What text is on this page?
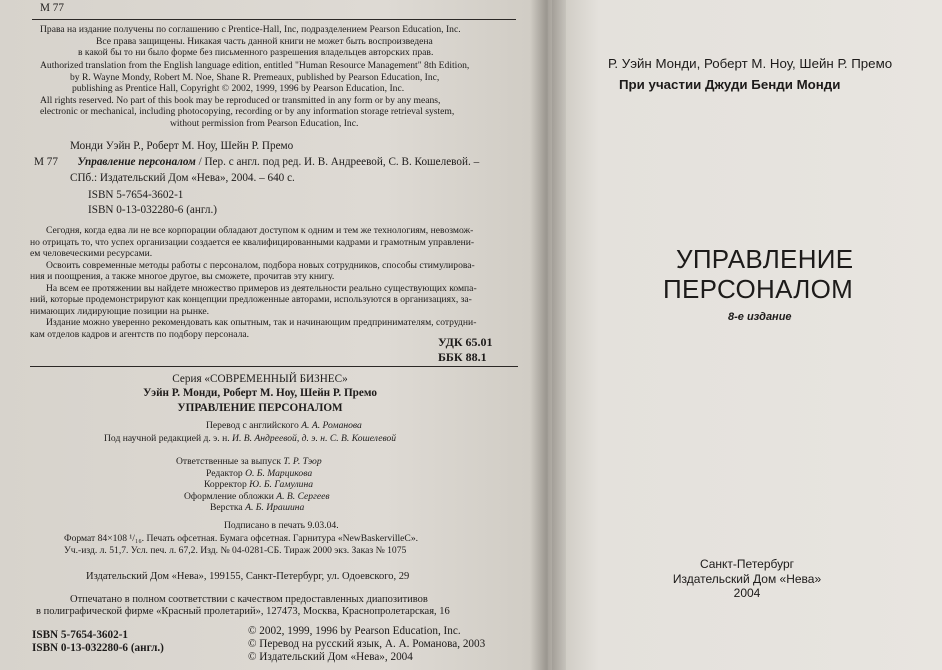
М 77
Права на издание получены по соглашению с Prentice-Hall, Inc, подразделением Pearson Education, Inc.
Все права защищены. Никакая часть данной книги не может быть воспроизведена
в какой бы то ни было форме без письменного разрешения владельцев авторских прав.
Authorized translation from the English language edition, entitled "Human Resource Management" 8th Edition,
by R. Wayne Mondy, Robert M. Noe, Shane R. Premeaux, published by Pearson Education, Inc,
publishing as Prentice Hall, Copyright © 2002, 1999, 1996 by Pearson Education, Inc.
All rights reserved. No part of this book may be reproduced or transmitted in any form or by any means,
electronic or mechanical, including photocopying, recording or by any information storage retrieval system,
without permission from Pearson Education, Inc.
Монди Уэйн Р., Роберт М. Ноу, Шейн Р. Премо
М 77 Управление персоналом / Пер. с англ. под ред. И. В. Андреевой, С. В. Кошелевой. –
СПб.: Издательский Дом «Нева», 2004. – 640 с.
ISBN 5-7654-3602-1
ISBN 0-13-032280-6 (англ.)
Сегодня, когда едва ли не все корпорации обладают доступом к одним и тем же технологиям, невозмож-
но отрицать то, что успех организации создается ее квалифицированными кадрами и грамотным управлени-
ем человеческими ресурсами.
Освоить современные методы работы с персоналом, подбора новых сотрудников, способы стимулирова-
ния и поощрения, а также многое другое, вы сможете, прочитав эту книгу.
На всем ее протяжении вы найдете множество примеров из деятельности реально существующих компа-
ний, которые продемонстрируют как концепции предложенные авторами, используются в организациях, за-
нимающих лидирующие позиции на рынке.
Издание можно уверенно рекомендовать как опытным, так и начинающим предпринимателям, сотрудни-
кам отделов кадров и агентств по подбору персонала.
УДК 65.01
ББК 88.1
Серия «СОВРЕМЕННЫЙ БИЗНЕС»
Уэйн Р. Монди, Роберт М. Ноу, Шейн Р. Премо
УПРАВЛЕНИЕ ПЕРСОНАЛОМ
Перевод с английского А. А. Романова
Под научной редакцией д. э. н. И. В. Андреевой, д. э. н. С. В. Кошелевой
Ответственные за выпуск Т. Р. Тэор
Редактор О. Б. Марцикова
Корректор Ю. Б. Гамулина
Оформление обложки А. В. Сергеев
Верстка А. Б. Ирашина
Подписано в печать 9.03.04.
Формат 84×108 ¹/₁₆. Печать офсетная. Бумага офсетная. Гарнитура «NewBaskervilleC».
Уч.-изд. л. 51,7. Усл. печ. л. 67,2. Изд. № 04-0281-СБ. Тираж 2000 экз. Заказ № 1075
Издательский Дом «Нева», 199155, Санкт-Петербург, ул. Одоевского, 29
Отпечатано в полном соответствии с качеством предоставленных диапозитивов
в полиграфической фирме «Красный пролетарий», 127473, Москва, Краснопролетарская, 16
ISBN 5-7654-3602-1
ISBN 0-13-032280-6 (англ.)
© 2002, 1999, 1996 by Pearson Education, Inc.
© Перевод на русский язык, А. А. Романова, 2003
© Издательский Дом «Нева», 2004
Р. Уэйн Монди, Роберт М. Ноу, Шейн Р. Премо
При участии Джуди Бенди Монди
УПРАВЛЕНИЕ
ПЕРСОНАЛОМ
8-е издание
Санкт-Петербург
Издательский Дом «Нева»
2004
